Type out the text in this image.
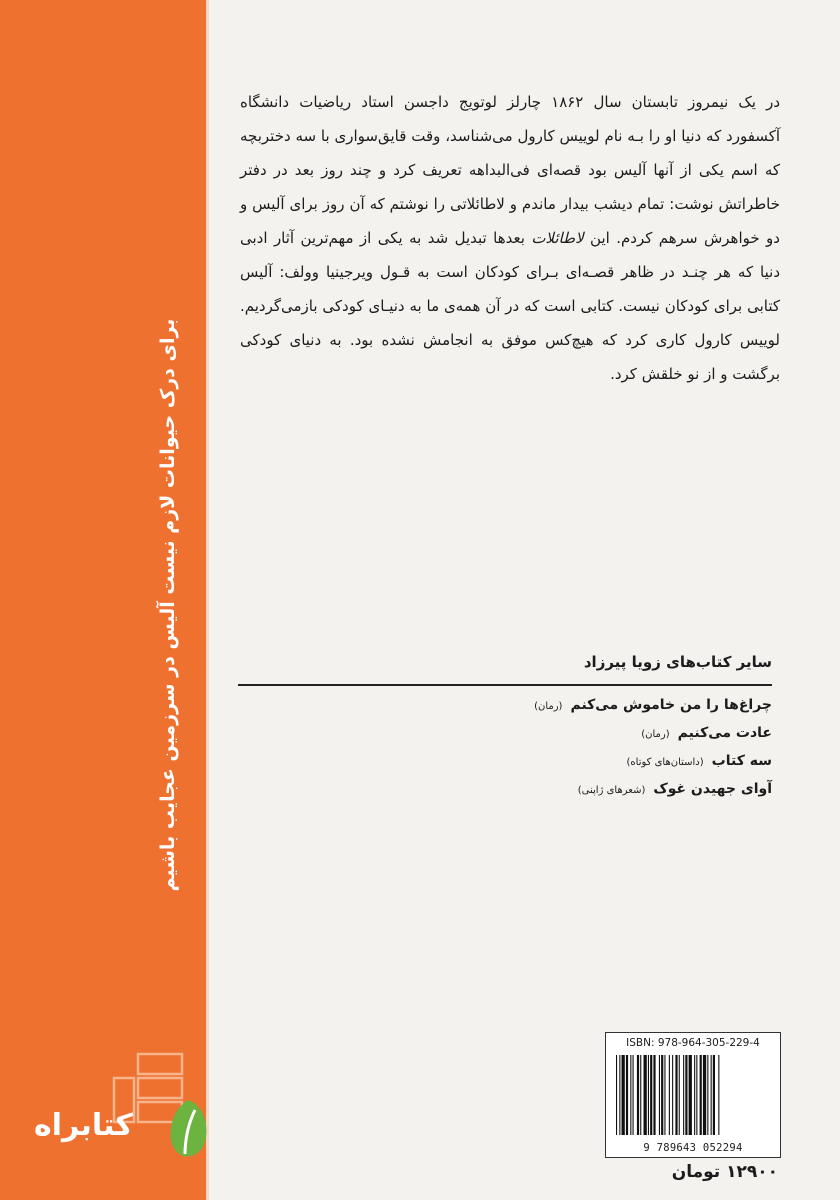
برای درک حیوانات لازم نیست آلیس در سرزمین عجایب باشیم
کتابراه

در یک نیمروز تابستان سال ۱۸۶۲ چارلز لوتویج داجسن استاد ریاضیات دانشگاه آکسفورد که دنیا او را بـه نام لوییس کارول می‌شناسد، وقت قایق‌سواری با سه دختربچه که اسم یکی از آنها آلیس بود قصه‌ای فی‌البداهه تعریف کرد و چند روز بعد در دفتر خاطراتش نوشت: تمام دیشب بیدار ماندم و لاطائلاتی را نوشتم که آن روز برای آلیس و دو خواهرش سرهم کردم. این لاطائلات بعدها تبدیل شد به یکی از مهم‌ترین آثار ادبی دنیا که هر چنـد در ظاهر قصـه‌ای بـرای کودکان است به قـول ویرجینیا وولف: آلیس کتابی برای کودکان نیست. کتابی است که در آن همه‌ی ما به دنیـای کودکی بازمی‌گردیم. لوییس کارول کاری کرد که هیچ‌کس موفق به انجامش نشده بود. به دنیای کودکی برگشت و از نو خلقش کرد.

سایر کتاب‌های زویا پیرزاد
چراغ‌ها را من خاموش می‌کنم(رمان)
عادت می‌کنیم(رمان)
سه کتاب(داستان‌های کوتاه)
آوای جهیدن غوک(شعرهای ژاپنی)
ISBN: 978-964-305-229-4
9 789643 052294
۱۲۹۰۰ تومان
